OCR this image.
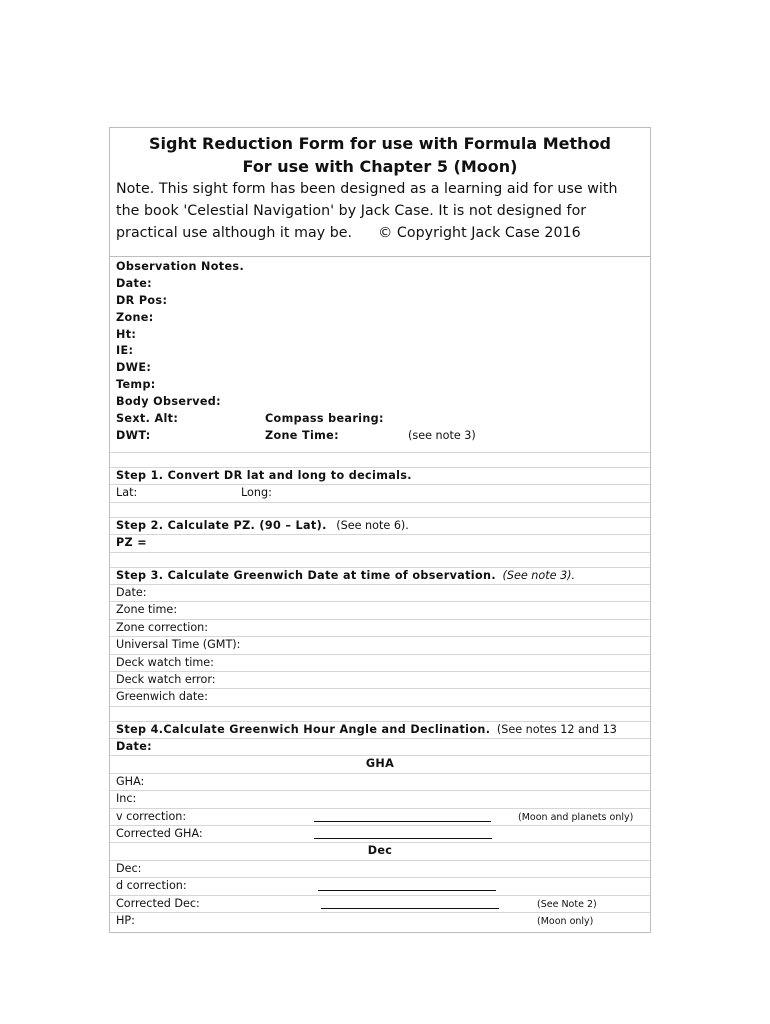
Sight Reduction Form for use with Formula Method
For use with Chapter 5 (Moon)
Note. This sight form has been designed as a learning aid for use with
the book 'Celestial Navigation' by Jack Case. It is not designed for
practical use although it may be. © Copyright Jack Case 2016
Observation Notes.
Date:
DR Pos:
Zone:
Ht:
IE:
DWE:
Temp:
Body Observed:
Sext. Alt:	Compass bearing:
DWT:	Zone Time:	(see note 3)
Step 1. Convert DR lat and long to decimals.
Lat:	Long:
Step 2. Calculate PZ. (90 – Lat). (See note 6).
PZ =
Step 3. Calculate Greenwich Date at time of observation. (See note 3).
Date:
Zone time:
Zone correction:
Universal Time (GMT):
Deck watch time:
Deck watch error:
Greenwich date:
Step 4.Calculate Greenwich Hour Angle and Declination. (See notes 12 and 13
Date:
GHA
GHA:
Inc:
v correction:	(Moon and planets only)
Corrected GHA:
Dec
Dec:
d correction:
Corrected Dec:	(See Note 2)
HP:	(Moon only)
